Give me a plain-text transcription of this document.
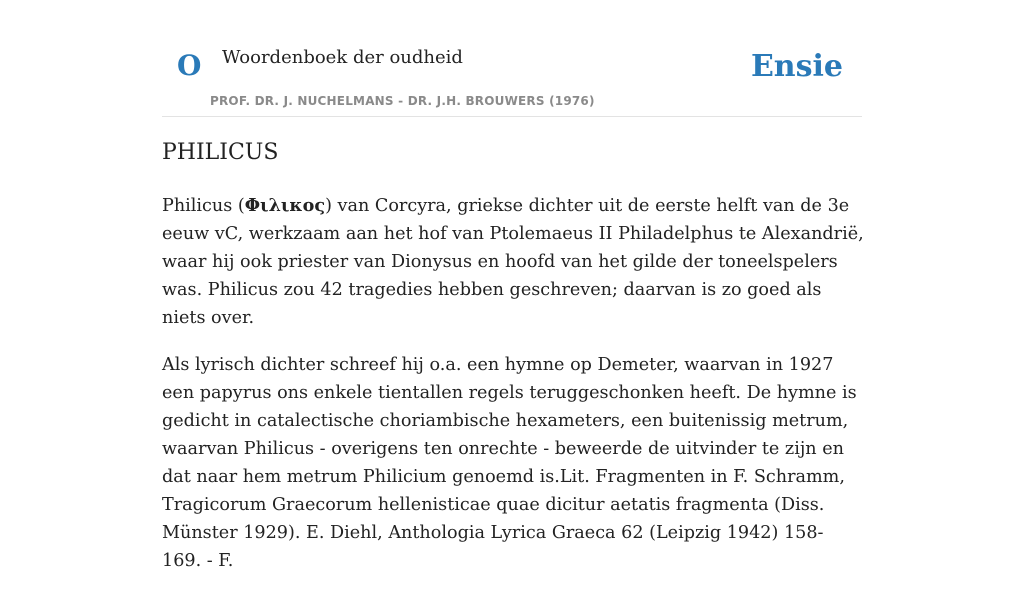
O Woordenboek der oudheid
PROF. DR. J. NUCHELMANS - DR. J.H. BROUWERS (1976)
Ensie
PHILICUS

Philicus (Φιλικος) van Corcyra, griekse dichter uit de eerste helft van de 3e eeuw vC, werkzaam aan het hof van Ptolemaeus II Philadelphus te Alexandrië, waar hij ook priester van Dionysus en hoofd van het gilde der toneelspelers was. Philicus zou 42 tragedies hebben geschreven; daarvan is zo goed als niets over.

Als lyrisch dichter schreef hij o.a. een hymne op Demeter, waarvan in 1927 een papyrus ons enkele tientallen regels teruggeschonken heeft. De hymne is gedicht in catalectische choriambische hexameters, een buitenissig metrum, waarvan Philicus - overigens ten onrechte - beweerde de uitvinder te zijn en dat naar hem metrum Philicium genoemd is.Lit. Fragmenten in F. Schramm, Tragicorum Graecorum hellenisticae quae dicitur aetatis fragmenta (Diss. Münster 1929). E. Diehl, Anthologia Lyrica Graeca 62 (Leipzig 1942) 158- 169. - F.
